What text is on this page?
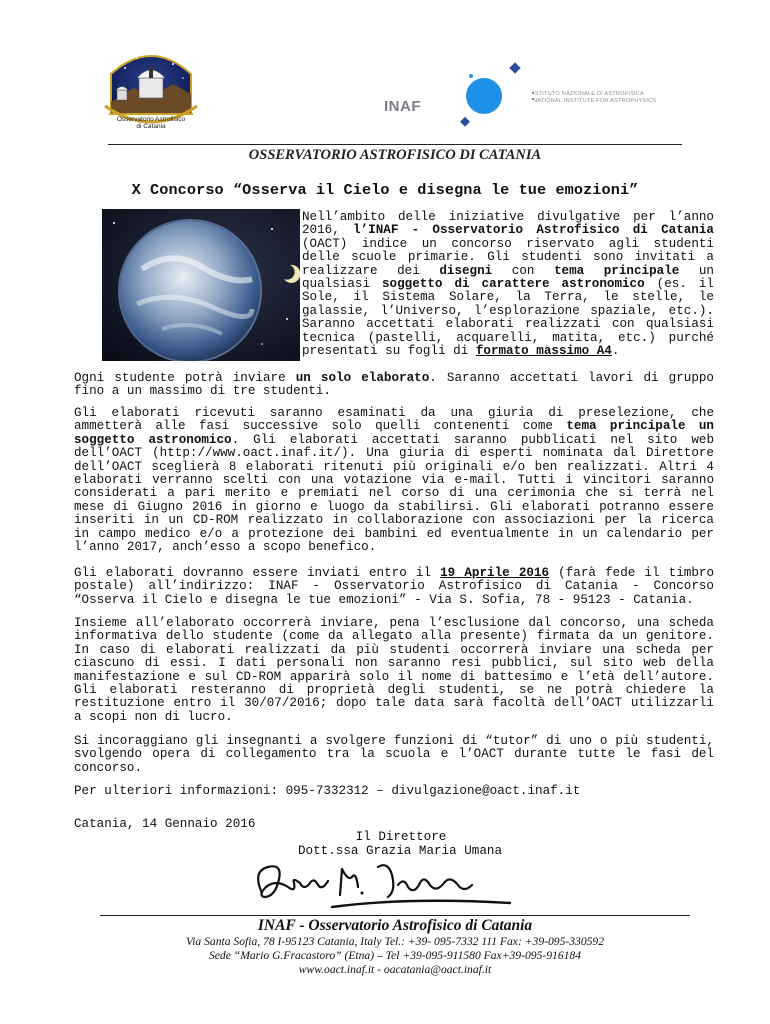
Osservatorio Astrofisico
di Catania
INAF
ISTITUTO NAZIONALE DI ASTROFISICA
NATIONAL INSTITUTE FOR ASTROPHYSICS
OSSERVATORIO ASTROFISICO DI CATANIA
X Concorso “Osserva il Cielo e disegna le tue emozioni”
Nell’ambito delle iniziative divulgative per l’anno 2016, l’INAF - Osservatorio Astrofisico di Catania (OACT) indice un concorso riservato agli studenti delle scuole primarie. Gli studenti sono invitati a realizzare dei disegni con tema principale un qualsiasi soggetto di carattere astronomico (es. il Sole, il Sistema Solare, la Terra, le stelle, le galassie, l’Universo, l’esplorazione spaziale, etc.). Saranno accettati elaborati realizzati con qualsiasi tecnica (pastelli, acquarelli, matita, etc.) purché presentati su fogli di formato massimo A4.
Ogni studente potrà inviare un solo elaborato. Saranno accettati lavori di gruppo fino a un massimo di tre studenti.
Gli elaborati ricevuti saranno esaminati da una giuria di preselezione, che ammetterà alle fasi successive solo quelli contenenti come tema principale un soggetto astronomico. Gli elaborati accettati saranno pubblicati nel sito web dell’OACT (http://www.oact.inaf.it/). Una giuria di esperti nominata dal Direttore dell’OACT sceglierà 8 elaborati ritenuti più originali e/o ben realizzati. Altri 4 elaborati verranno scelti con una votazione via e-mail. Tutti i vincitori saranno considerati a pari merito e premiati nel corso di una cerimonia che si terrà nel mese di Giugno 2016 in giorno e luogo da stabilirsi. Gli elaborati potranno essere inseriti in un CD-ROM realizzato in collaborazione con associazioni per la ricerca in campo medico e/o a protezione dei bambini ed eventualmente in un calendario per l’anno 2017, anch’esso a scopo benefico.
Gli elaborati dovranno essere inviati entro il 19 Aprile 2016 (farà fede il timbro postale) all’indirizzo: INAF - Osservatorio Astrofisico di Catania - Concorso “Osserva il Cielo e disegna le tue emozioni” - Via S. Sofia, 78 - 95123 - Catania.
Insieme all’elaborato occorrerà inviare, pena l’esclusione dal concorso, una scheda informativa dello studente (come da allegato alla presente) firmata da un genitore. In caso di elaborati realizzati da più studenti occorrerà inviare una scheda per ciascuno di essi. I dati personali non saranno resi pubblici, sul sito web della manifestazione e sul CD-ROM apparirà solo il nome di battesimo e l’età dell’autore. Gli elaborati resteranno di proprietà degli studenti, se ne potrà chiedere la restituzione entro il 30/07/2016; dopo tale data sarà facoltà dell’OACT utilizzarli a scopi non di lucro.
Si incoraggiano gli insegnanti a svolgere funzioni di “tutor” di uno o più studenti, svolgendo opera di collegamento tra la scuola e l’OACT durante tutte le fasi del concorso.
Per ulteriori informazioni: 095-7332312 – divulgazione@oact.inaf.it
Catania, 14 Gennaio 2016
Il Direttore
Dott.ssa Grazia Maria Umana
INAF - Osservatorio Astrofisico di Catania
Via Santa Sofia, 78 I-95123 Catania, Italy Tel.: +39- 095-7332 111 Fax: +39-095-330592
Sede “Mario G.Fracastoro” (Etna) – Tel +39-095-911580 Fax+39-095-916184
www.oact.inaf.it - oacatania@oact.inaf.it
